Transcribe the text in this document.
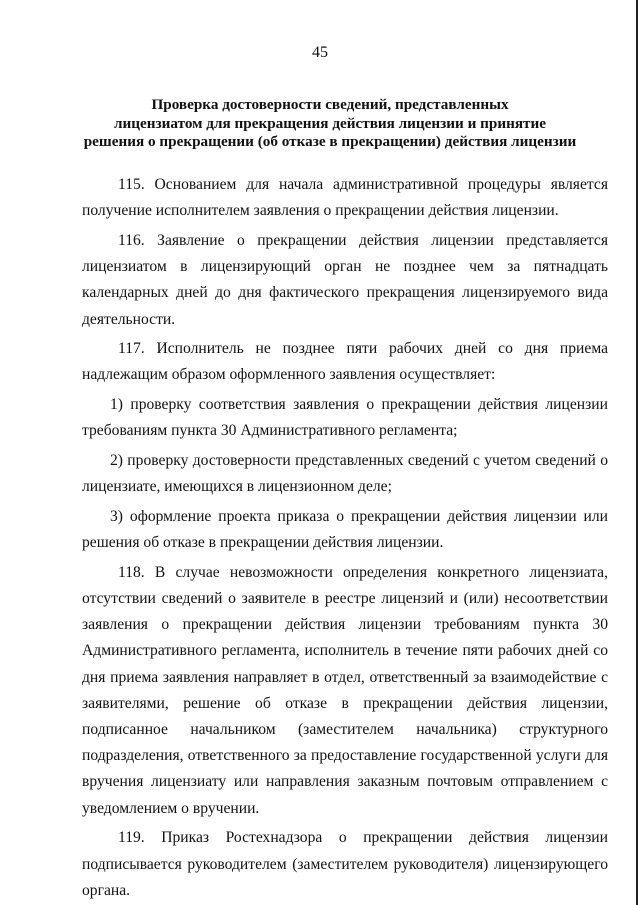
45
Проверка достоверности сведений, представленных
лицензиатом для прекращения действия лицензии и принятие
решения о прекращении (об отказе в прекращении) действия лицензии

115. Основанием для начала административной процедуры является получение исполнителем заявления о прекращении действия лицензии.

116. Заявление о прекращении действия лицензии представляется лицензиатом в лицензирующий орган не позднее чем за пятнадцать календарных дней до дня фактического прекращения лицензируемого вида деятельности.

117. Исполнитель не позднее пяти рабочих дней со дня приема надлежащим образом оформленного заявления осуществляет:

1) проверку соответствия заявления о прекращении действия лицензии требованиям пункта 30 Административного регламента;

2) проверку достоверности представленных сведений с учетом сведений о лицензиате, имеющихся в лицензионном деле;

3) оформление проекта приказа о прекращении действия лицензии или решения об отказе в прекращении действия лицензии.

118. В случае невозможности определения конкретного лицензиата, отсутствии сведений о заявителе в реестре лицензий и (или) несоответствии заявления о прекращении действия лицензии требованиям пункта 30 Административного регламента, исполнитель в течение пяти рабочих дней со дня приема заявления направляет в отдел, ответственный за взаимодействие с заявителями, решение об отказе в прекращении действия лицензии, подписанное начальником (заместителем начальника) структурного подразделения, ответственного за предоставление государственной услуги для вручения лицензиату или направления заказным почтовым отправлением с уведомлением о вручении.

119. Приказ Ростехнадзора о прекращении действия лицензии подписывается руководителем (заместителем руководителя) лицензирующего органа.
